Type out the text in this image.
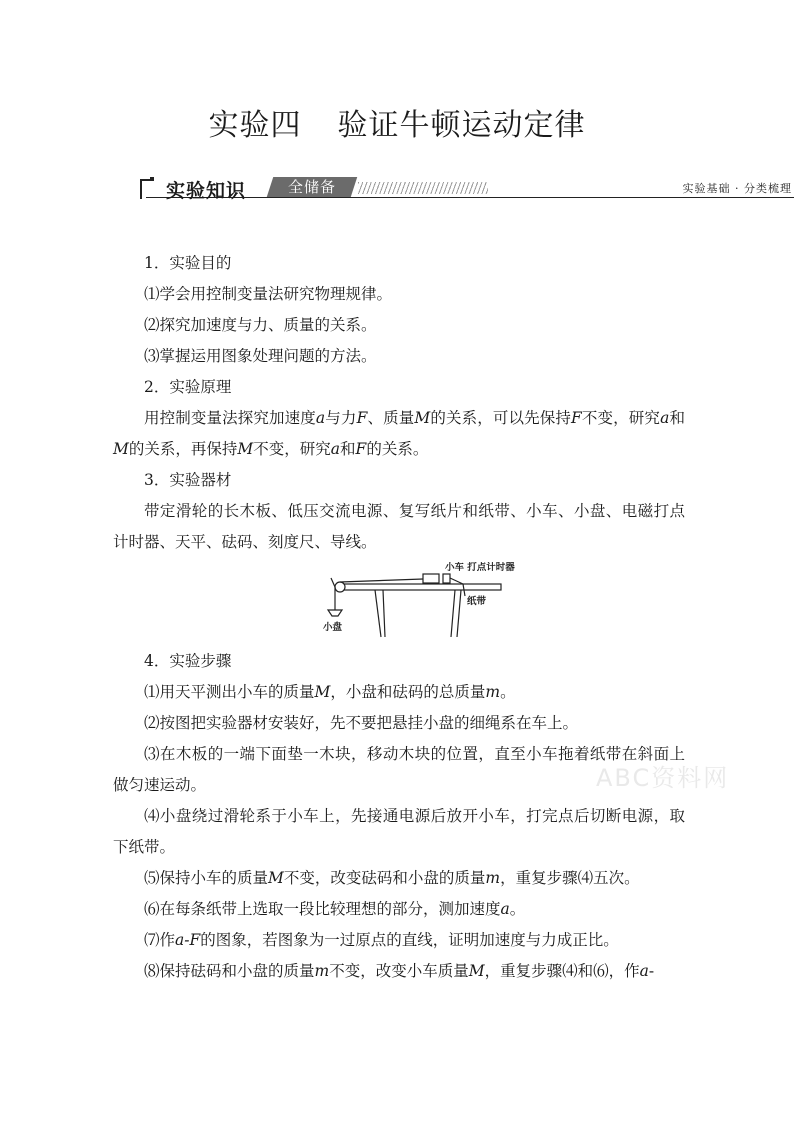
实验四 验证牛顿运动定律
实验知识	全储备	实验基础 · 分类梳理

1．实验目的

⑴学会用控制变量法研究物理规律。

⑵探究加速度与力、质量的关系。

⑶掌握运用图象处理问题的方法。

2．实验原理

用控制变量法探究加速度a与力F、质量M的关系，可以先保持F不变，研究a和M的关系，再保持M不变，研究a和F的关系。

3．实验器材

带定滑轮的长木板、低压交流电源、复写纸片和纸带、小车、小盘、电磁打点计时器、天平、砝码、刻度尺、导线。

小车 打点计时器
纸带
小盘

4．实验步骤

⑴用天平测出小车的质量M，小盘和砝码的总质量m。

⑵按图把实验器材安装好，先不要把悬挂小盘的细绳系在车上。

⑶在木板的一端下面垫一木块，移动木块的位置，直至小车拖着纸带在斜面上做匀速运动。

⑷小盘绕过滑轮系于小车上，先接通电源后放开小车，打完点后切断电源，取下纸带。

⑸保持小车的质量M不变，改变砝码和小盘的质量m，重复步骤⑷五次。

⑹在每条纸带上选取一段比较理想的部分，测加速度a。

⑺作a-F的图象，若图象为一过原点的直线，证明加速度与力成正比。

⑻保持砝码和小盘的质量m不变，改变小车质量M，重复步骤⑷和⑹，作a-

ABC资料网
